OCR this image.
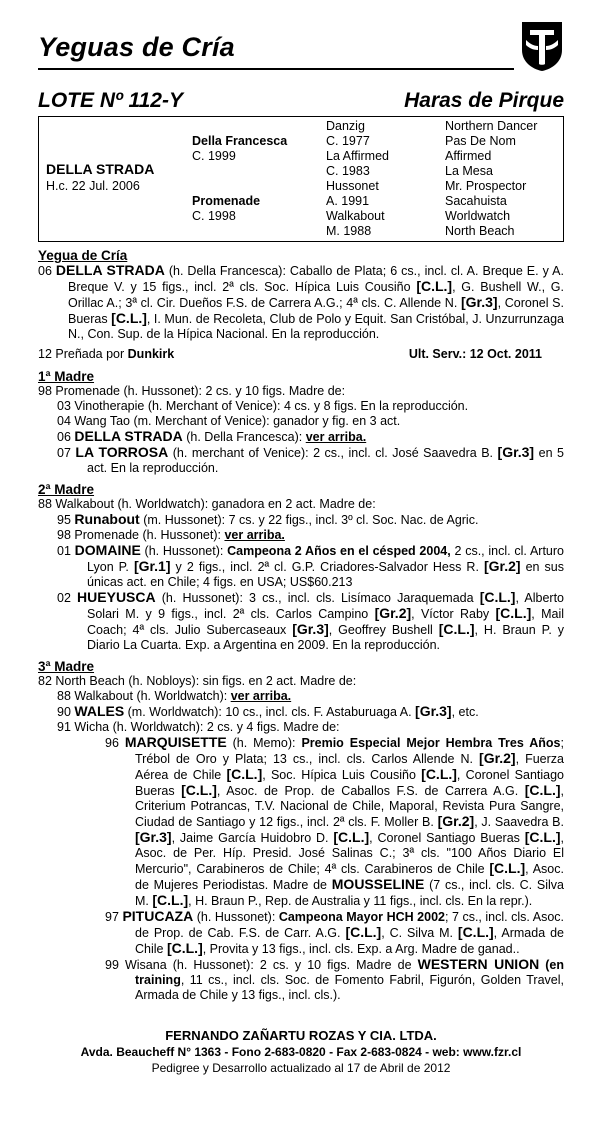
Yeguas de Cría
LOTE Nº 112-Y	Haras de Pirque
DELLA STRADA
H.c. 22 Jul. 2006
Della Francesca
C. 1999
Promenade
C. 1998
Danzig
C. 1977
La Affirmed
C. 1983
Hussonet
A. 1991
Walkabout
M. 1988
Northern Dancer
Pas De Nom
Affirmed
La Mesa
Mr. Prospector
Sacahuista
Worldwatch
North Beach
Yegua de Cría
06 DELLA STRADA (h. Della Francesca): Caballo de Plata; 6 cs., incl. cl. A. Breque E. y A. Breque V. y 15 figs., incl. 2ª cls. Soc. Hípica Luis Cousiño [C.L.], G. Bushell W., G. Orillac A.; 3ª cl. Cir. Dueños F.S. de Carrera A.G.; 4ª cls. C. Allende N. [Gr.3], Coronel S. Bueras [C.L.], I. Mun. de Recoleta, Club de Polo y Equit. San Cristóbal, J. Unzurrunzaga N., Con. Sup. de la Hípica Nacional. En la reproducción.
12 Preñada por Dunkirk	Ult. Serv.: 12 Oct. 2011
1ª Madre
98 Promenade (h. Hussonet): 2 cs. y 10 figs. Madre de:
03 Vinotherapie (h. Merchant of Venice): 4 cs. y 8 figs. En la reproducción.
04 Wang Tao (m. Merchant of Venice): ganador y fig. en 3 act.
06 DELLA STRADA (h. Della Francesca): ver arriba.
07 LA TORROSA (h. merchant of Venice): 2 cs., incl. cl. José Saavedra B. [Gr.3] en 5 act. En la reproducción.
2ª Madre
88 Walkabout (h. Worldwatch): ganadora en 2 act. Madre de:
95 Runabout (m. Hussonet): 7 cs. y 22 figs., incl. 3º cl. Soc. Nac. de Agric.
98 Promenade (h. Hussonet): ver arriba.
01 DOMAINE (h. Hussonet): Campeona 2 Años en el césped 2004, 2 cs., incl. cl. Arturo Lyon P. [Gr.1] y 2 figs., incl. 2ª cl. G.P. Criadores-Salvador Hess R. [Gr.2] en sus únicas act. en Chile; 4 figs. en USA; US$60.213
02 HUEYUSCA (h. Hussonet): 3 cs., incl. cls. Lisímaco Jaraquemada [C.L.], Alberto Solari M. y 9 figs., incl. 2ª cls. Carlos Campino [Gr.2], Víctor Raby [C.L.], Mail Coach; 4ª cls. Julio Subercaseaux [Gr.3], Geoffrey Bushell [C.L.], H. Braun P. y Diario La Cuarta. Exp. a Argentina en 2009. En la reproducción.
3ª Madre
82 North Beach (h. Nobloys): sin figs. en 2 act. Madre de:
88 Walkabout (h. Worldwatch): ver arriba.
90 WALES (m. Worldwatch): 10 cs., incl. cls. F. Astaburuaga A. [Gr.3], etc.
91 Wicha (h. Worldwatch): 2 cs. y 4 figs. Madre de:
96 MARQUISETTE (h. Memo): Premio Especial Mejor Hembra Tres Años; Trébol de Oro y Plata; 13 cs., incl. cls. Carlos Allende N. [Gr.2], Fuerza Aérea de Chile [C.L.], Soc. Hípica Luis Cousiño [C.L.], Coronel Santiago Bueras [C.L.], Asoc. de Prop. de Caballos F.S. de Carrera A.G. [C.L.], Criterium Potrancas, T.V. Nacional de Chile, Maporal, Revista Pura Sangre, Ciudad de Santiago y 12 figs., incl. 2ª cls. F. Moller B. [Gr.2], J. Saavedra B. [Gr.3], Jaime García Huidobro D. [C.L.], Coronel Santiago Bueras [C.L.], Asoc. de Per. Híp. Presid. José Salinas C.; 3ª cls. "100 Años Diario El Mercurio", Carabineros de Chile; 4ª cls. Carabineros de Chile [C.L.], Asoc. de Mujeres Periodistas. Madre de MOUSSELINE (7 cs., incl. cls. C. Silva M. [C.L.], H. Braun P., Rep. de Australia y 11 figs., incl. cls. En la repr.).
97 PITUCAZA (h. Hussonet): Campeona Mayor HCH 2002; 7 cs., incl. cls. Asoc. de Prop. de Cab. F.S. de Carr. A.G. [C.L.], C. Silva M. [C.L.], Armada de Chile [C.L.], Provita y 13 figs., incl. cls. Exp. a Arg. Madre de ganad..
99 Wisana (h. Hussonet): 2 cs. y 10 figs. Madre de WESTERN UNION (en training, 11 cs., incl. cls. Soc. de Fomento Fabril, Figurón, Golden Travel, Armada de Chile y 13 figs., incl. cls.).
FERNANDO ZAÑARTU ROZAS Y CIA. LTDA.
Avda. Beaucheff N° 1363 - Fono 2-683-0820 - Fax 2-683-0824 - web: www.fzr.cl
Pedigree y Desarrollo actualizado al 17 de Abril de 2012
